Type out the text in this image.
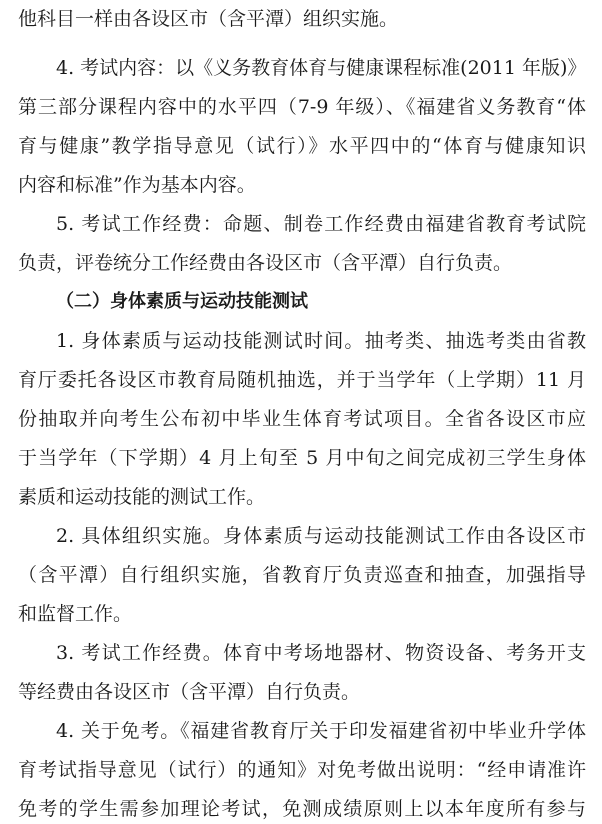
他科目一样由各设区市（含平潭）组织实施。
4. 考试内容：以《义务教育体育与健康课程标准(2011 年版)》
第三部分课程内容中的水平四（7-9 年级）、《福建省义务教育“体
育与健康”教学指导意见（试行）》水平四中的“体育与健康知识
内容和标准”作为基本内容。
5. 考试工作经费：命题、制卷工作经费由福建省教育考试院
负责，评卷统分工作经费由各设区市（含平潭）自行负责。
（二）身体素质与运动技能测试
1. 身体素质与运动技能测试时间。抽考类、抽选考类由省教
育厅委托各设区市教育局随机抽选，并于当学年（上学期）11 月
份抽取并向考生公布初中毕业生体育考试项目。全省各设区市应
于当学年（下学期）4 月上旬至 5 月中旬之间完成初三学生身体
素质和运动技能的测试工作。
2. 具体组织实施。身体素质与运动技能测试工作由各设区市
（含平潭）自行组织实施，省教育厅负责巡查和抽查，加强指导
和监督工作。
3. 考试工作经费。体育中考场地器材、物资设备、考务开支
等经费由各设区市（含平潭）自行负责。
4. 关于免考。《福建省教育厅关于印发福建省初中毕业升学体
育考试指导意见（试行）的通知》对免考做出说明：“经申请准许
免考的学生需参加理论考试，免测成绩原则上以本年度所有参与
